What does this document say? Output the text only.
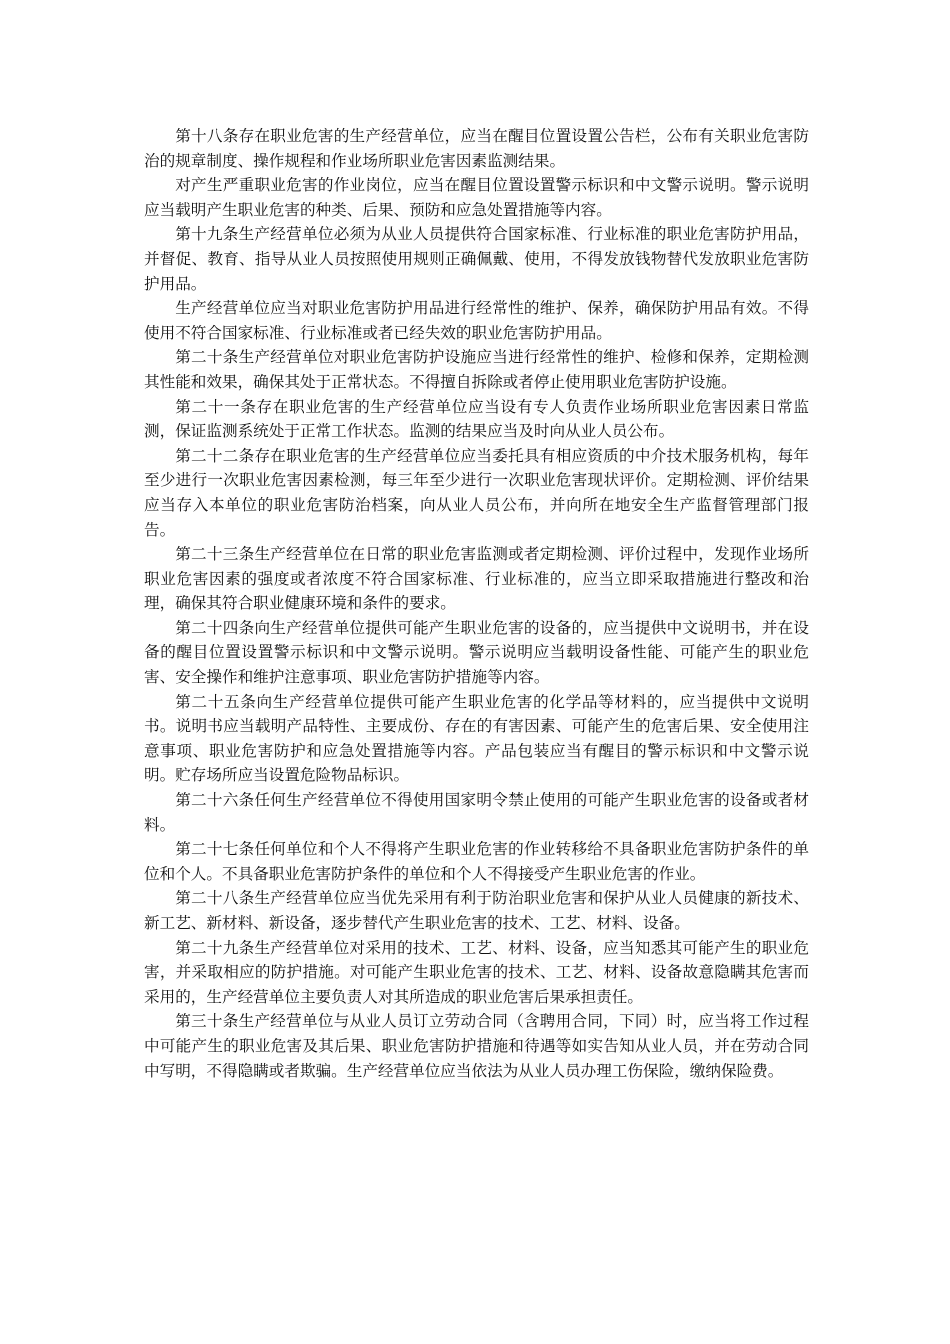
第十八条存在职业危害的生产经营单位，应当在醒目位置设置公告栏，公布有关职业危害防治的规章制度、操作规程和作业场所职业危害因素监测结果。

对产生严重职业危害的作业岗位，应当在醒目位置设置警示标识和中文警示说明。警示说明应当载明产生职业危害的种类、后果、预防和应急处置措施等内容。

第十九条生产经营单位必须为从业人员提供符合国家标准、行业标准的职业危害防护用品，并督促、教育、指导从业人员按照使用规则正确佩戴、使用，不得发放钱物替代发放职业危害防护用品。

生产经营单位应当对职业危害防护用品进行经常性的维护、保养，确保防护用品有效。不得使用不符合国家标准、行业标准或者已经失效的职业危害防护用品。

第二十条生产经营单位对职业危害防护设施应当进行经常性的维护、检修和保养，定期检测其性能和效果，确保其处于正常状态。不得擅自拆除或者停止使用职业危害防护设施。

第二十一条存在职业危害的生产经营单位应当设有专人负责作业场所职业危害因素日常监测，保证监测系统处于正常工作状态。监测的结果应当及时向从业人员公布。

第二十二条存在职业危害的生产经营单位应当委托具有相应资质的中介技术服务机构，每年至少进行一次职业危害因素检测，每三年至少进行一次职业危害现状评价。定期检测、评价结果应当存入本单位的职业危害防治档案，向从业人员公布，并向所在地安全生产监督管理部门报告。

第二十三条生产经营单位在日常的职业危害监测或者定期检测、评价过程中，发现作业场所职业危害因素的强度或者浓度不符合国家标准、行业标准的，应当立即采取措施进行整改和治理，确保其符合职业健康环境和条件的要求。

第二十四条向生产经营单位提供可能产生职业危害的设备的，应当提供中文说明书，并在设备的醒目位置设置警示标识和中文警示说明。警示说明应当载明设备性能、可能产生的职业危害、安全操作和维护注意事项、职业危害防护措施等内容。

第二十五条向生产经营单位提供可能产生职业危害的化学品等材料的，应当提供中文说明书。说明书应当载明产品特性、主要成份、存在的有害因素、可能产生的危害后果、安全使用注意事项、职业危害防护和应急处置措施等内容。产品包装应当有醒目的警示标识和中文警示说明。贮存场所应当设置危险物品标识。

第二十六条任何生产经营单位不得使用国家明令禁止使用的可能产生职业危害的设备或者材料。

第二十七条任何单位和个人不得将产生职业危害的作业转移给不具备职业危害防护条件的单位和个人。不具备职业危害防护条件的单位和个人不得接受产生职业危害的作业。

第二十八条生产经营单位应当优先采用有利于防治职业危害和保护从业人员健康的新技术、新工艺、新材料、新设备，逐步替代产生职业危害的技术、工艺、材料、设备。

第二十九条生产经营单位对采用的技术、工艺、材料、设备，应当知悉其可能产生的职业危害，并采取相应的防护措施。对可能产生职业危害的技术、工艺、材料、设备故意隐瞒其危害而采用的，生产经营单位主要负责人对其所造成的职业危害后果承担责任。

第三十条生产经营单位与从业人员订立劳动合同（含聘用合同，下同）时，应当将工作过程中可能产生的职业危害及其后果、职业危害防护措施和待遇等如实告知从业人员，并在劳动合同中写明，不得隐瞒或者欺骗。生产经营单位应当依法为从业人员办理工伤保险，缴纳保险费。
